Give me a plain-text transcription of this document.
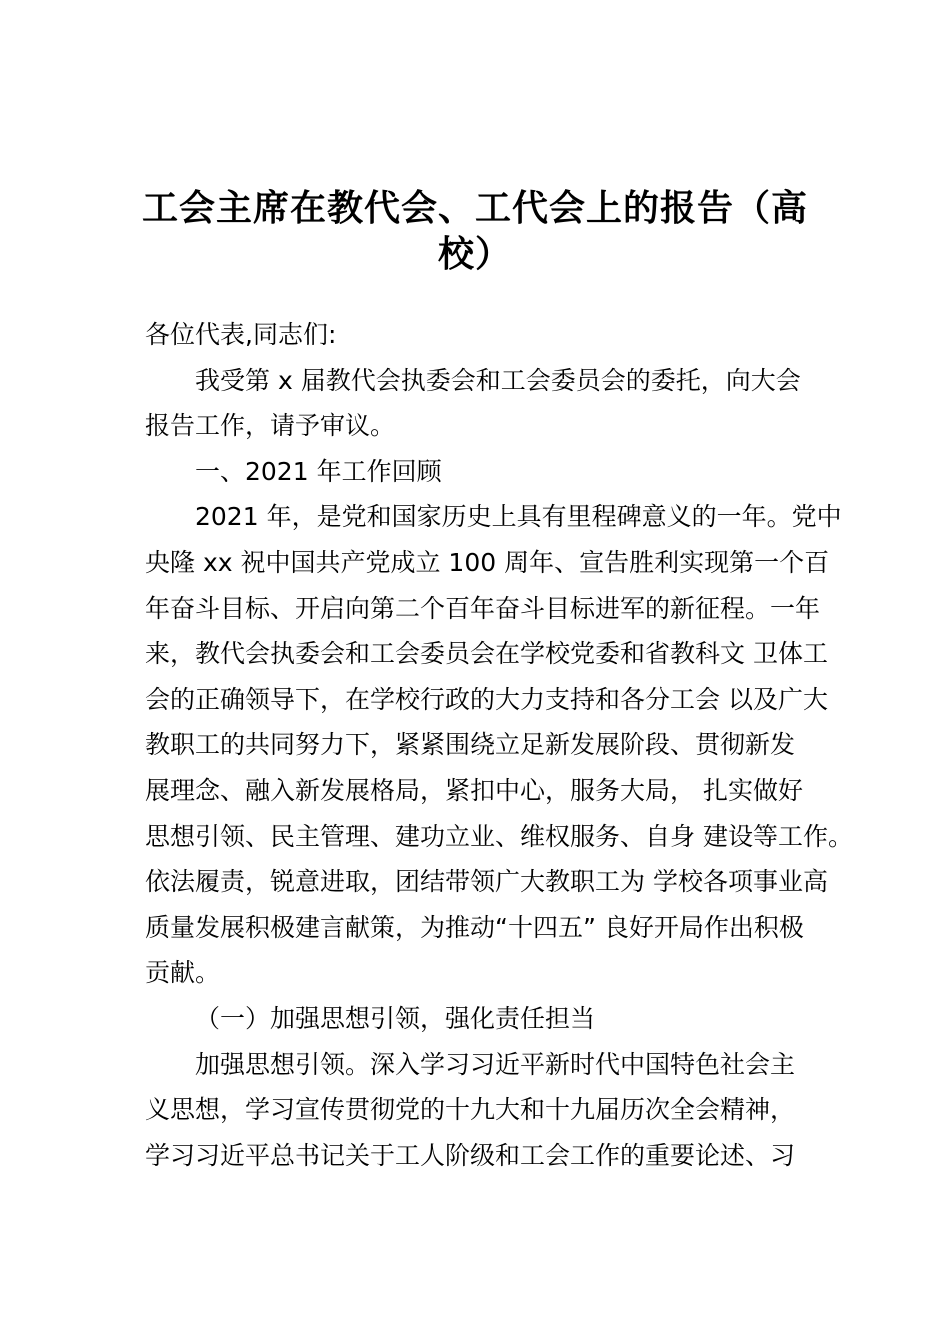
工会主席在教代会、工代会上的报告（高
校）
各位代表,同志们:
我受第 x 届教代会执委会和工会委员会的委托，向大会
报告工作，请予审议。
一、2021 年工作回顾
2021 年，是党和国家历史上具有里程碑意义的一年。党中
央隆 xx 祝中国共产党成立 100 周年、宣告胜利实现第一个百
年奋斗目标、开启向第二个百年奋斗目标进军的新征程。一年
来，教代会执委会和工会委员会在学校党委和省教科文 卫体工
会的正确领导下，在学校行政的大力支持和各分工会 以及广大
教职工的共同努力下，紧紧围绕立足新发展阶段、贯彻新发
展理念、融入新发展格局，紧扣中心，服务大局， 扎实做好
思想引领、民主管理、建功立业、维权服务、自身 建设等工作。
依法履责，锐意进取，团结带领广大教职工为 学校各项事业高
质量发展积极建言献策，为推动“十四五” 良好开局作出积极
贡献。
（一）加强思想引领，强化责任担当
加强思想引领。深入学习习近平新时代中国特色社会主
义思想，学习宣传贯彻党的十九大和十九届历次全会精神，
学习习近平总书记关于工人阶级和工会工作的重要论述、习
